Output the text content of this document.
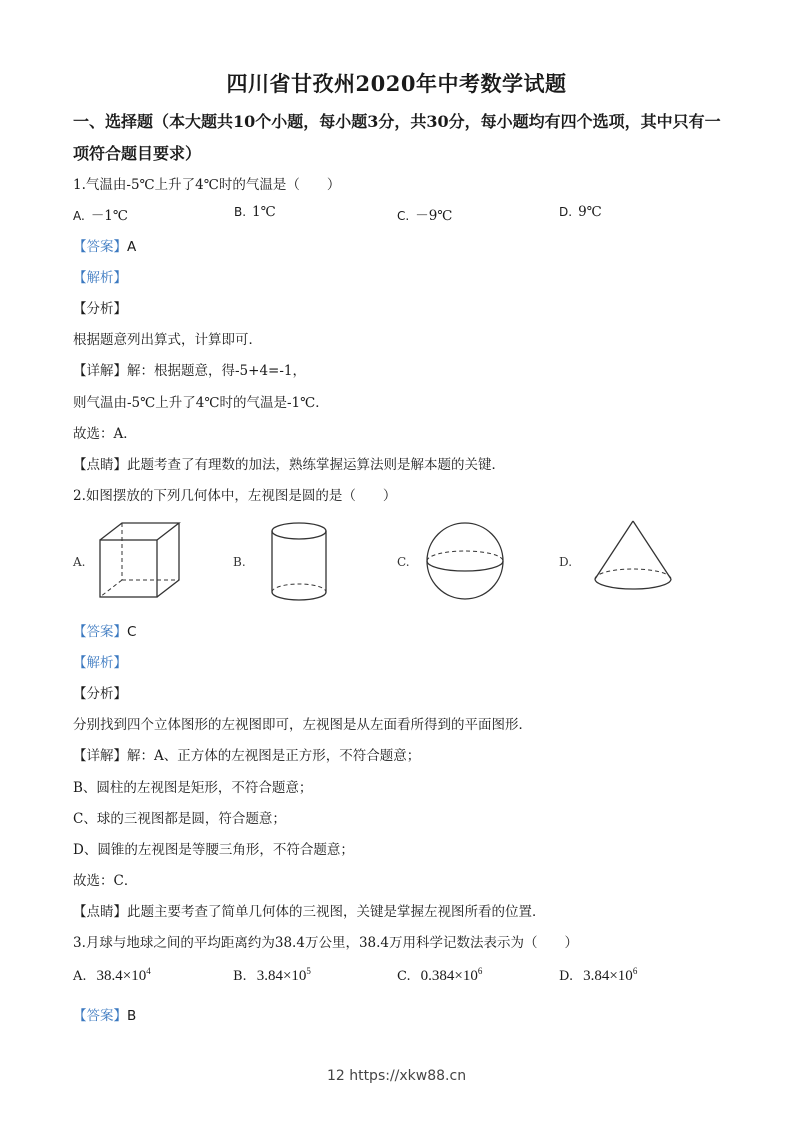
四川省甘孜州2020年中考数学试题
一、选择题（本大题共10个小题，每小题3分，共30分，每小题均有四个选项，其中只有一项符合题目要求）
1.气温由-5℃上升了4℃时的气温是（　　）
A. －1℃	B. 1℃	C. －9℃	D. 9℃
【答案】A
【解析】
【分析】
根据题意列出算式，计算即可．
【详解】解：根据题意，得-5+4=-1，
则气温由-5℃上升了4℃时的气温是-1℃．
故选：A．
【点睛】此题考查了有理数的加法，熟练掌握运算法则是解本题的关键．
2.如图摆放的下列几何体中，左视图是圆的是（　　）
A.	B.	C.	D.
【答案】C
【解析】
【分析】
分别找到四个立体图形的左视图即可，左视图是从左面看所得到的平面图形．
【详解】解：A、正方体的左视图是正方形，不符合题意；
B、圆柱的左视图是矩形，不符合题意；
C、球的三视图都是圆，符合题意；
D、圆锥的左视图是等腰三角形，不符合题意；
故选：C．
【点睛】此题主要考查了简单几何体的三视图，关键是掌握左视图所看的位置．
3.月球与地球之间的平均距离约为38.4万公里，38.4万用科学记数法表示为（　　）
A. $38.4\times 10^4$	B. $3.84\times 10^5$	C. $0.384\times 10^6$	D. $3.84\times 10^6$
【答案】B
12 https://xkw88.cn
